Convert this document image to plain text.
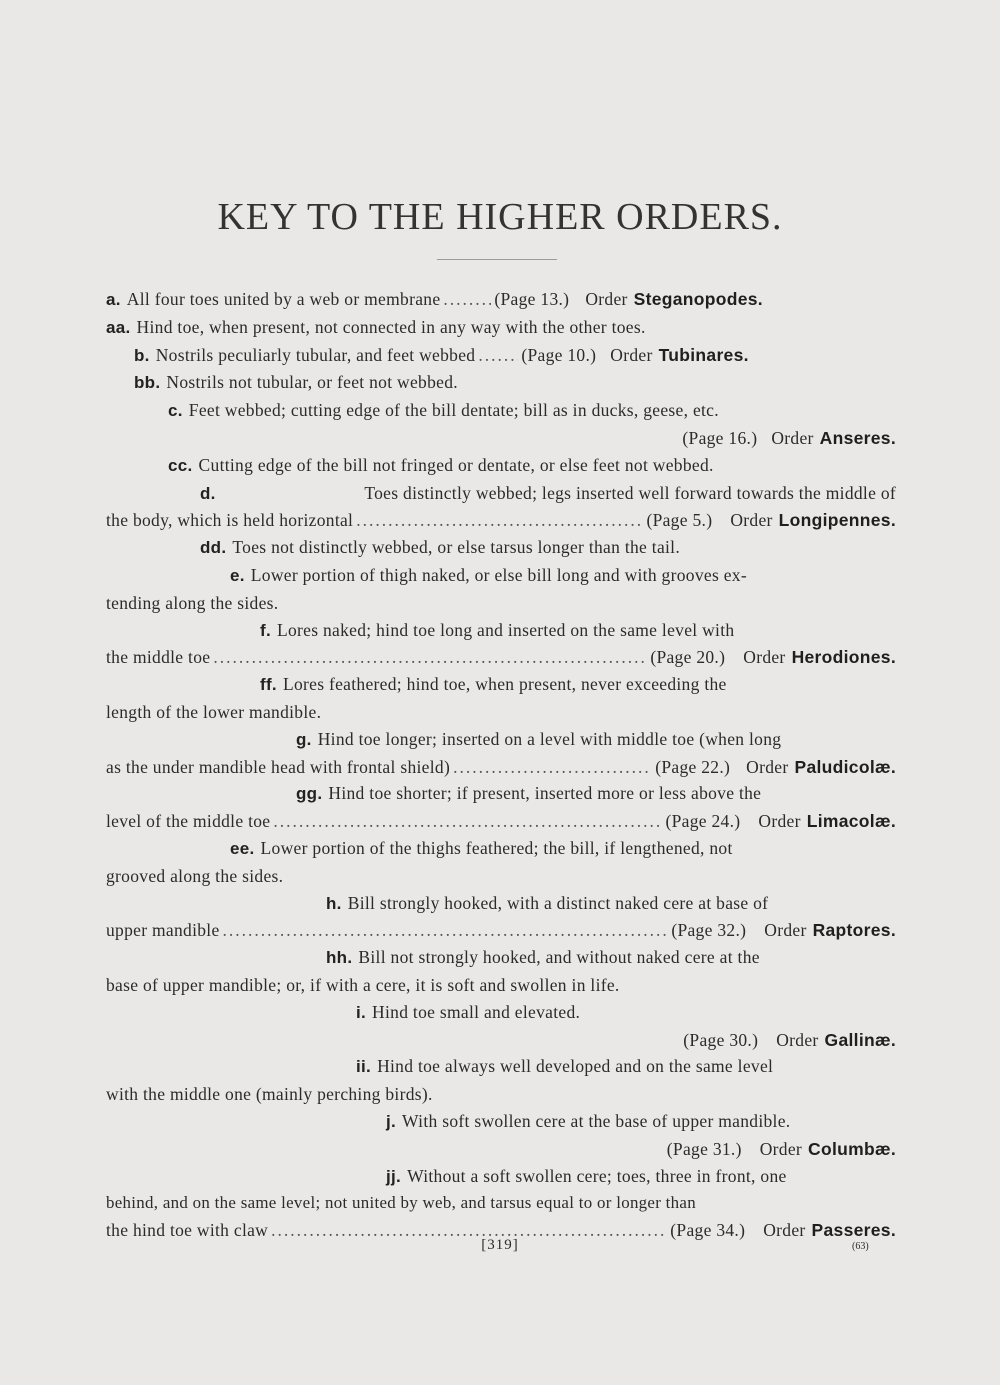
KEY TO THE HIGHER ORDERS.
a. All four toes united by a web or membrane .....	(Page 13.) Order Steganopodes.
aa. Hind toe, when present, not connected in any way with the other toes.
b. Nostrils peculiarly tubular, and feet webbed .....	(Page 10.) Order Tubinares.
bb. Nostrils not tubular, or feet not webbed.
c. Feet webbed; cutting edge of the bill dentate; bill as in ducks, geese, etc.
(Page 16.) Order Anseres.
cc. Cutting edge of the bill not fringed or dentate, or else feet not webbed.
d.	Toes distinctly webbed; legs inserted well forward towards the middle of
the body, which is held horizontal .....	(Page 5.) Order Longipennes.
dd. Toes not distinctly webbed, or else tarsus longer than the tail.
e. Lower portion of thigh naked, or else bill long and with grooves ex-
tending along the sides.
f. Lores naked; hind toe long and inserted on the same level with
the middle toe .....	(Page 20.) Order Herodiones.
ff. Lores feathered; hind toe, when present, never exceeding the
length of the lower mandible.
g. Hind toe longer; inserted on a level with middle toe (when long
as the under mandible head with frontal shield) .....	(Page 22.) Order Paludicolæ.
gg. Hind toe shorter; if present, inserted more or less above the
level of the middle toe .....	(Page 24.) Order Limacolæ.
ee. Lower portion of the thighs feathered; the bill, if lengthened, not
grooved along the sides.
h. Bill strongly hooked, with a distinct naked cere at base of
upper mandible .....	(Page 32.) Order Raptores.
hh. Bill not strongly hooked, and without naked cere at the
base of upper mandible; or, if with a cere, it is soft and swollen in life.
i. Hind toe small and elevated.
(Page 30.) Order Gallinæ.
ii. Hind toe always well developed and on the same level
with the middle one (mainly perching birds).
j. With soft swollen cere at the base of upper mandible.
(Page 31.) Order Columbæ.
jj. Without a soft swollen cere; toes, three in front, one
behind, and on the same level; not united by web, and tarsus equal to or longer than
the hind toe with claw .....	(Page 34.) Order Passeres.
[319]	(63)
